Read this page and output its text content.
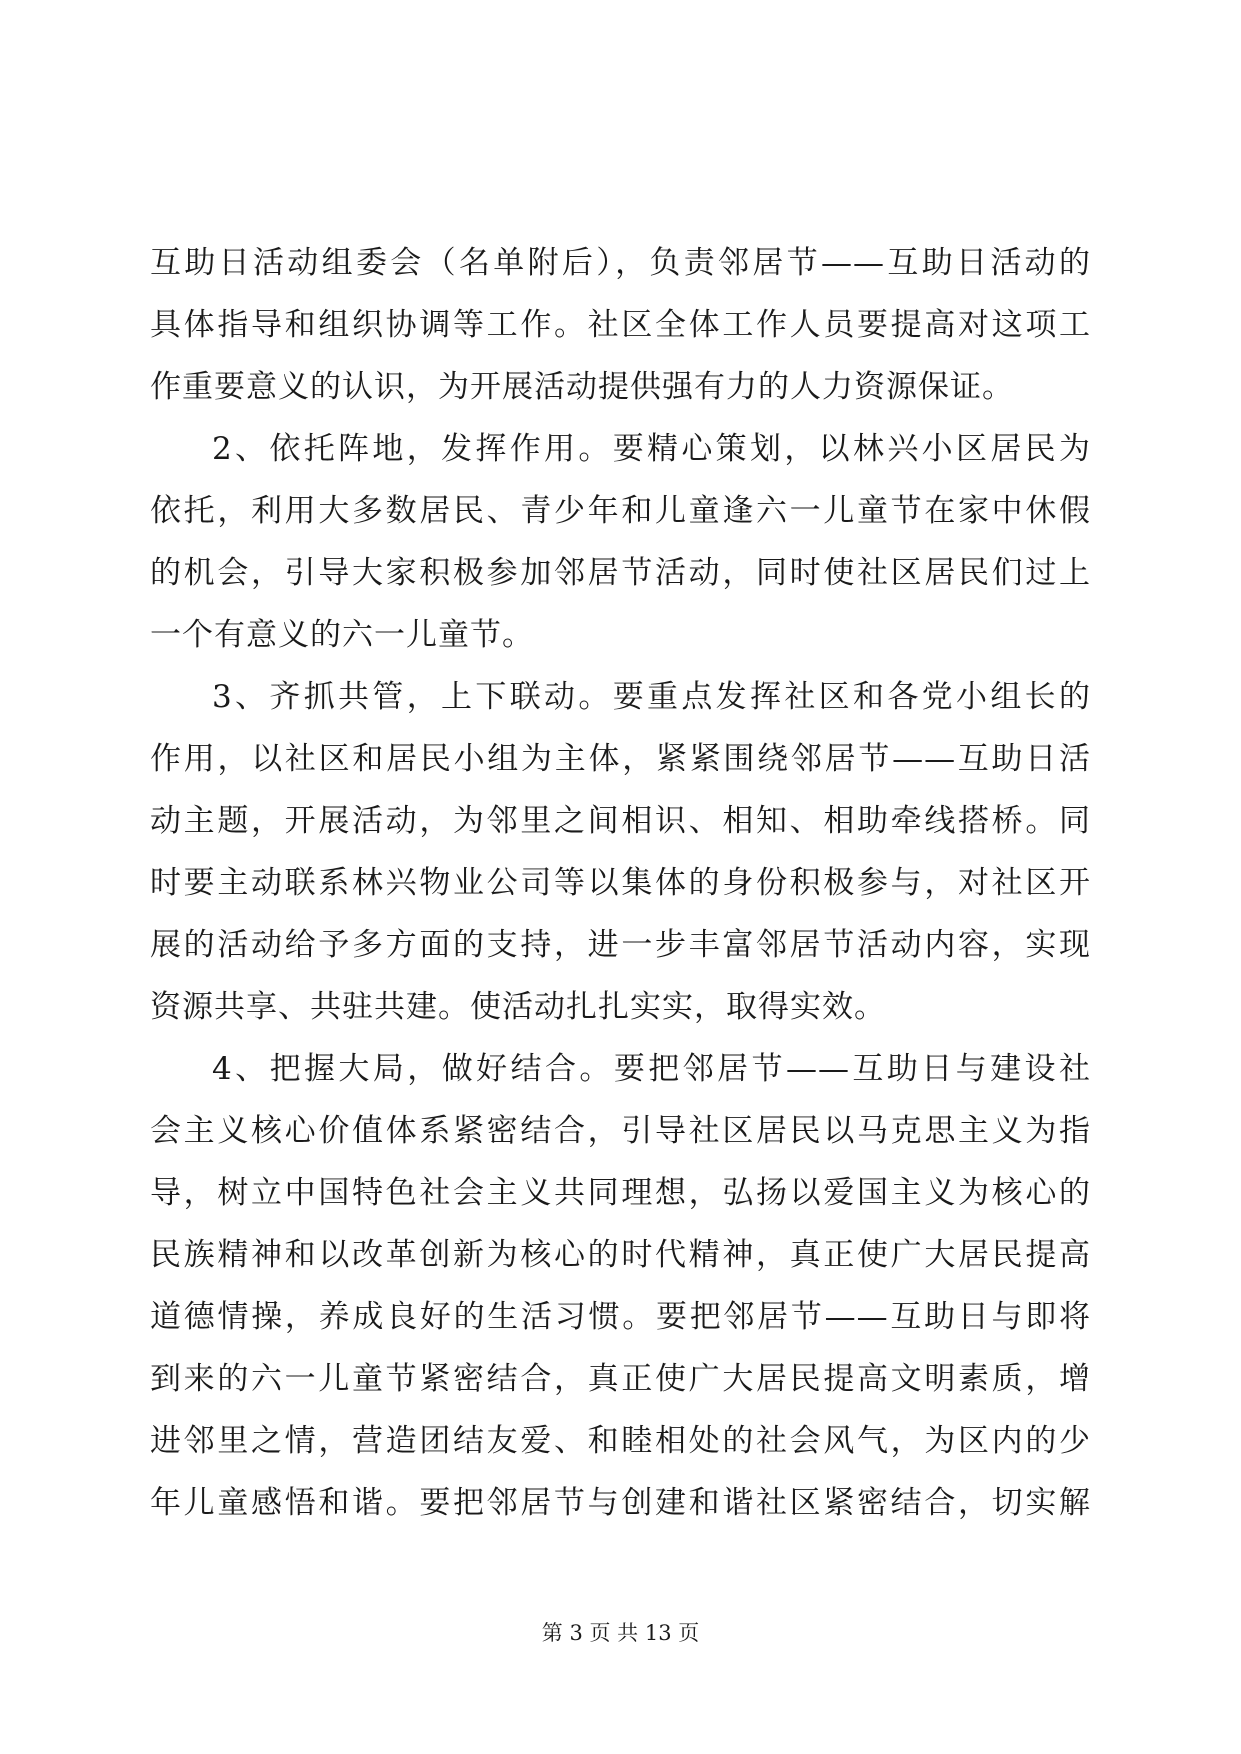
互助日活动组委会（名单附后），负责邻居节——互助日活动的
具体指导和组织协调等工作。社区全体工作人员要提高对这项工
作重要意义的认识，为开展活动提供强有力的人力资源保证。
2、依托阵地，发挥作用。要精心策划，以林兴小区居民为
依托，利用大多数居民、青少年和儿童逢六一儿童节在家中休假
的机会，引导大家积极参加邻居节活动，同时使社区居民们过上
一个有意义的六一儿童节。
3、齐抓共管，上下联动。要重点发挥社区和各党小组长的
作用，以社区和居民小组为主体，紧紧围绕邻居节——互助日活
动主题，开展活动，为邻里之间相识、相知、相助牵线搭桥。同
时要主动联系林兴物业公司等以集体的身份积极参与，对社区开
展的活动给予多方面的支持，进一步丰富邻居节活动内容，实现
资源共享、共驻共建。使活动扎扎实实，取得实效。
4、把握大局，做好结合。要把邻居节——互助日与建设社
会主义核心价值体系紧密结合，引导社区居民以马克思主义为指
导，树立中国特色社会主义共同理想，弘扬以爱国主义为核心的
民族精神和以改革创新为核心的时代精神，真正使广大居民提高
道德情操，养成良好的生活习惯。要把邻居节——互助日与即将
到来的六一儿童节紧密结合，真正使广大居民提高文明素质，增
进邻里之情，营造团结友爱、和睦相处的社会风气，为区内的少
年儿童感悟和谐。要把邻居节与创建和谐社区紧密结合，切实解
第 3 页 共 13 页
